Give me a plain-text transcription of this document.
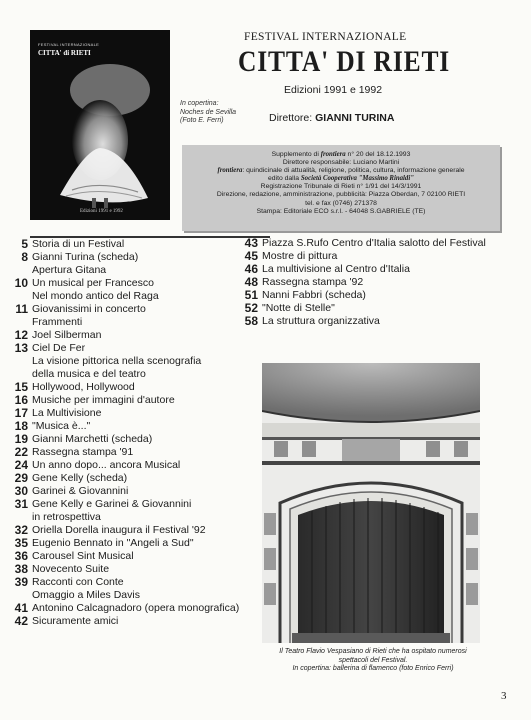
FESTIVAL INTERNAZIONALE
CITTA' di RIETI
Edizioni 1991 e 1992
In copertina:
Noches de Sevilla
(Foto E. Ferri)
FESTIVAL INTERNAZIONALE
CITTA' DI RIETI
Edizioni 1991 e 1992
Direttore: GIANNI TURINA
Supplemento di frontiera n° 20 del 18.12.1993
Direttore responsabile: Luciano Martini
frontiera: quindicinale di attualità, religione, politica, cultura, informazione generale
edito dalla Società Cooperativa "Massimo Rinaldi"
Registrazione Tribunale di Rieti n° 1/91 del 14/3/1991
Direzione, redazione, amministrazione, pubblicità: Piazza Oberdan, 7 02100 RIETI
tel. e fax (0746) 271378
Stampa: Editoriale ECO s.r.l. - 64048 S.GABRIELE (TE)
5 Storia di un Festival
8 Gianni Turina (scheda)
Apertura Gitana
10 Un musical per Francesco
Nel mondo antico del Raga
11 Giovanissimi in concerto
Frammenti
12 Joel Silberman
13 Ciel De Fer
La visione pittorica nella scenografia
della musica e del teatro
15 Hollywood, Hollywood
16 Musiche per immagini d'autore
17 La Multivisione
18 "Musica è..."
19 Gianni Marchetti (scheda)
22 Rassegna stampa '91
24 Un anno dopo... ancora Musical
29 Gene Kelly (scheda)
30 Garinei & Giovannini
31 Gene Kelly e Garinei & Giovannini
in retrospettiva
32 Oriella Dorella inaugura il Festival '92
35 Eugenio Bennato in "Angeli a Sud"
36 Carousel Sint Musical
38 Novecento Suite
39 Racconti con Conte
Omaggio a Miles Davis
41 Antonino Calcagnadoro (opera monografica)
42 Sicuramente amici
43 Piazza S.Rufo Centro d'Italia salotto del Festival
45 Mostre di pittura
46 La multivisione al Centro d'Italia
48 Rassegna stampa '92
51 Nanni Fabbri (scheda)
52 "Notte di Stelle"
58 La struttura organizzativa
Il Teatro Flavio Vespasiano di Rieti che ha ospitato numerosi
spettacoli del Festival.
In copertina: ballerina di flamenco (foto Enrico Ferri)
3
